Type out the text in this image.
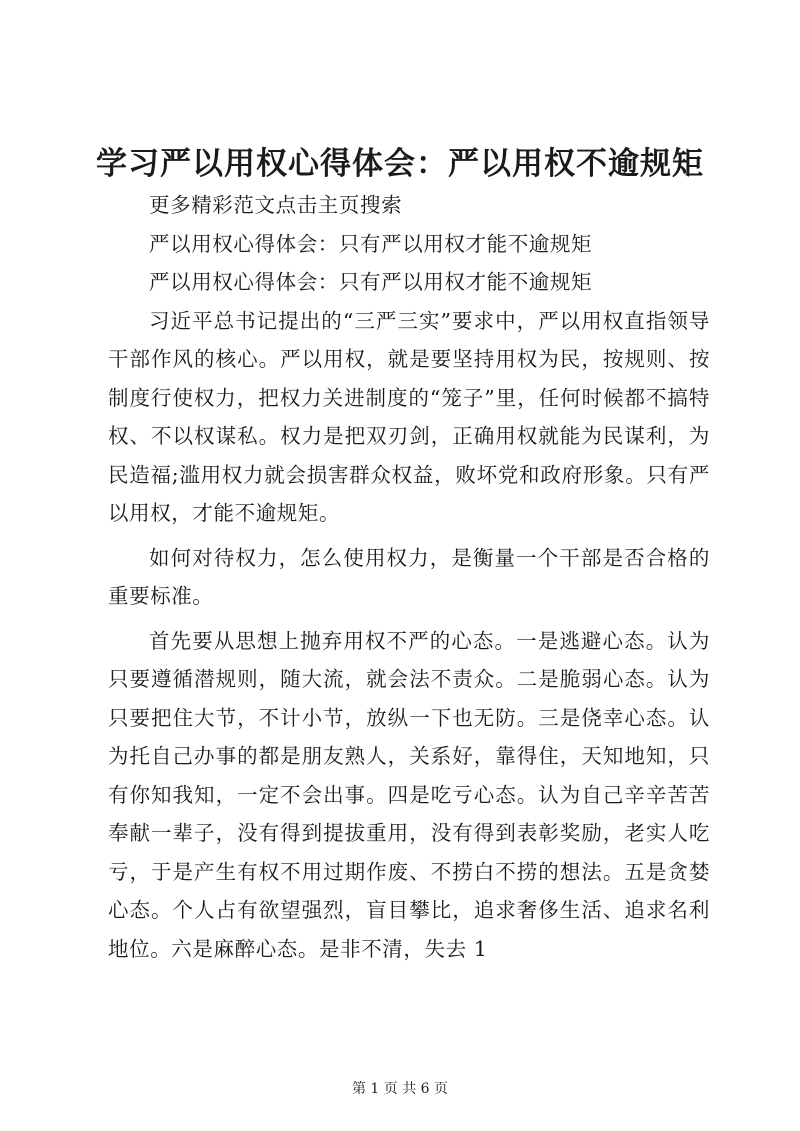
学习严以用权心得体会：严以用权不逾规矩

更多精彩范文点击主页搜索

严以用权心得体会：只有严以用权才能不逾规矩

严以用权心得体会：只有严以用权才能不逾规矩

习近平总书记提出的“三严三实”要求中，严以用权直指领导干部作风的核心。严以用权，就是要坚持用权为民，按规则、按制度行使权力，把权力关进制度的“笼子”里，任何时候都不搞特权、不以权谋私。权力是把双刃剑，正确用权就能为民谋利，为民造福;滥用权力就会损害群众权益，败坏党和政府形象。只有严以用权，才能不逾规矩。

如何对待权力，怎么使用权力，是衡量一个干部是否合格的重要标准。

首先要从思想上抛弃用权不严的心态。一是逃避心态。认为只要遵循潜规则，随大流，就会法不责众。二是脆弱心态。认为只要把住大节，不计小节，放纵一下也无防。三是侥幸心态。认为托自己办事的都是朋友熟人，关系好，靠得住，天知地知，只有你知我知，一定不会出事。四是吃亏心态。认为自己辛辛苦苦奉献一辈子，没有得到提拔重用，没有得到表彰奖励，老实人吃亏，于是产生有权不用过期作废、不捞白不捞的想法。五是贪婪心态。个人占有欲望强烈，盲目攀比，追求奢侈生活、追求名利地位。六是麻醉心态。是非不清，失去 1

第 1 页 共 6 页
